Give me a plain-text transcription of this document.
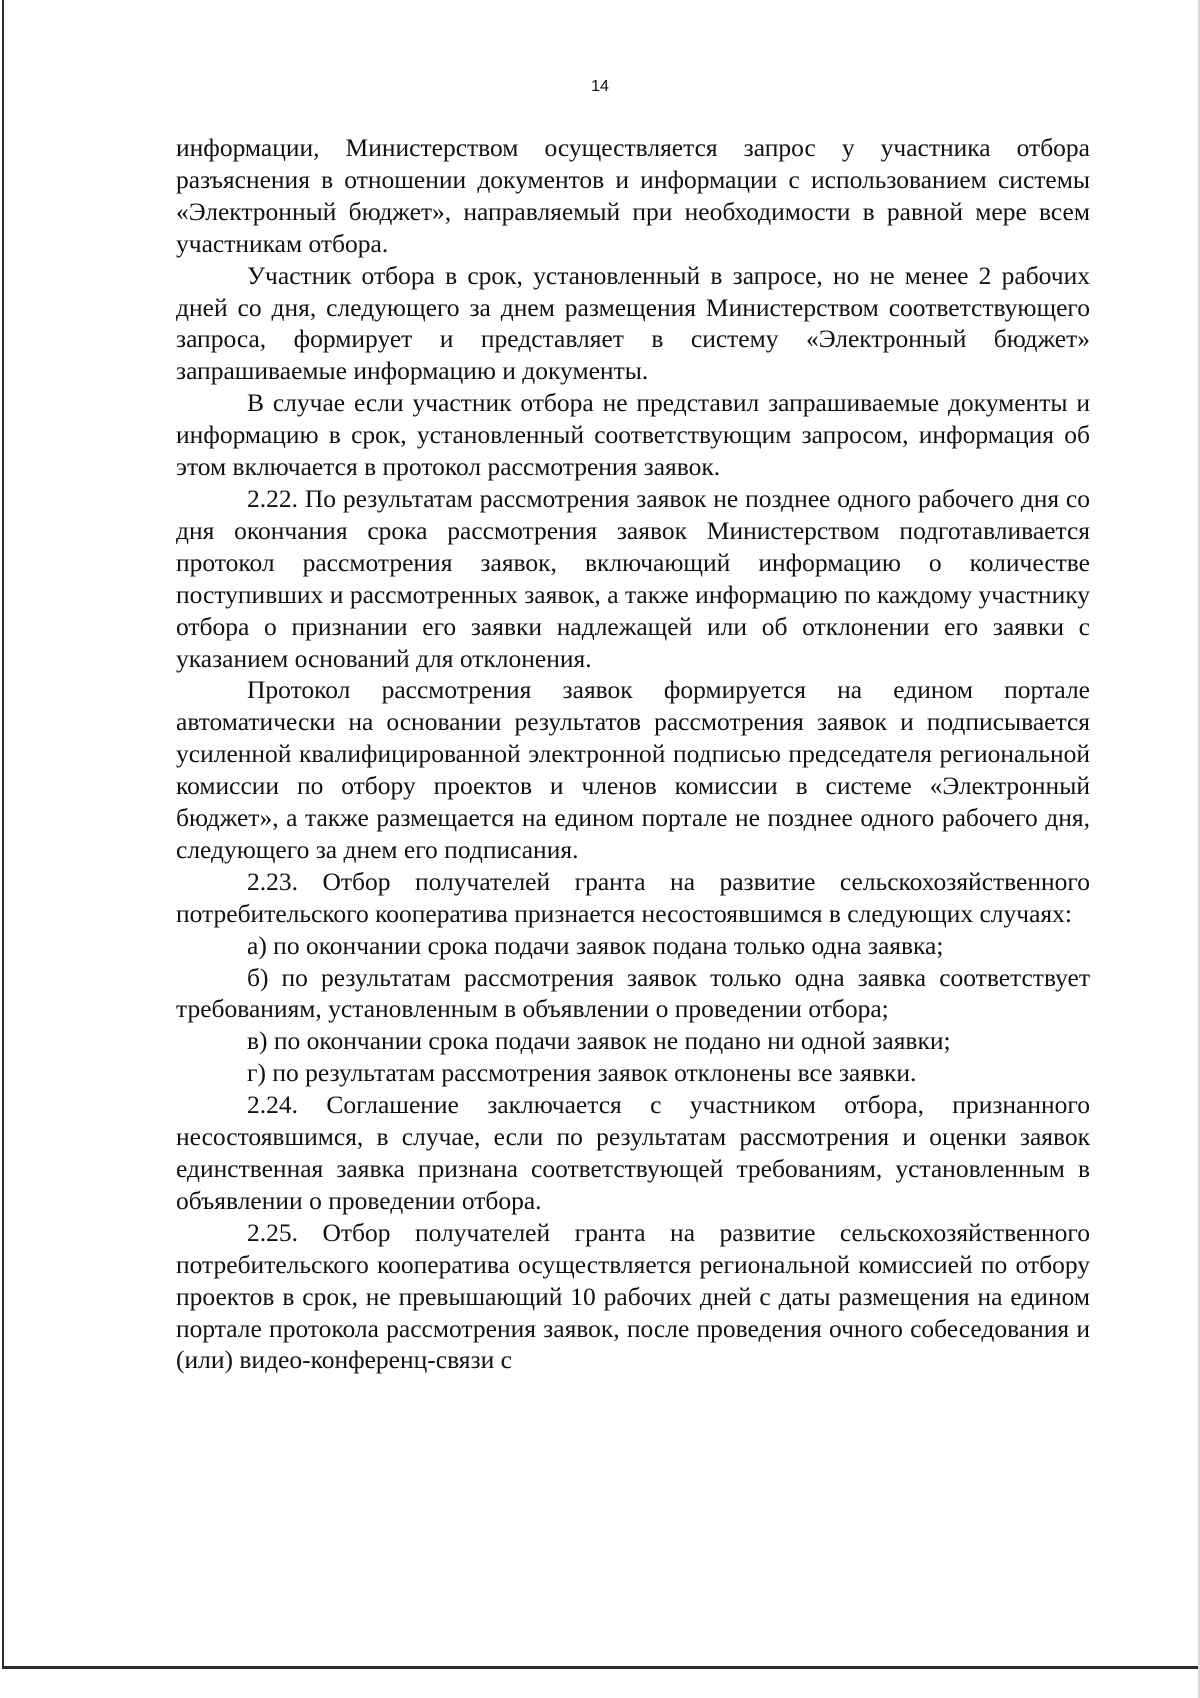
14

информации, Министерством осуществляется запрос у участника отбора разъяснения в отношении документов и информации с использованием системы «Электронный бюджет», направляемый при необходимости в равной мере всем участникам отбора.

Участник отбора в срок, установленный в запросе, но не менее 2 рабочих дней со дня, следующего за днем размещения Министерством соответствующего запроса, формирует и представляет в систему «Электронный бюджет» запрашиваемые информацию и документы.

В случае если участник отбора не представил запрашиваемые документы и информацию в срок, установленный соответствующим запросом, информация об этом включается в протокол рассмотрения заявок.

2.22. По результатам рассмотрения заявок не позднее одного рабочего дня со дня окончания срока рассмотрения заявок Министерством подготавливается протокол рассмотрения заявок, включающий информацию о количестве поступивших и рассмотренных заявок, а также информацию по каждому участнику отбора о признании его заявки надлежащей или об отклонении его заявки с указанием оснований для отклонения.

Протокол рассмотрения заявок формируется на едином портале автоматически на основании результатов рассмотрения заявок и подписывается усиленной квалифицированной электронной подписью председателя региональной комиссии по отбору проектов и членов комиссии в системе «Электронный бюджет», а также размещается на едином портале не позднее одного рабочего дня, следующего за днем его подписания.

2.23. Отбор получателей гранта на развитие сельскохозяйственного потребительского кооператива признается несостоявшимся в следующих случаях:

а) по окончании срока подачи заявок подана только одна заявка;

б) по результатам рассмотрения заявок только одна заявка соответствует требованиям, установленным в объявлении о проведении отбора;

в) по окончании срока подачи заявок не подано ни одной заявки;

г) по результатам рассмотрения заявок отклонены все заявки.

2.24. Соглашение заключается с участником отбора, признанного несостоявшимся, в случае, если по результатам рассмотрения и оценки заявок единственная заявка признана соответствующей требованиям, установленным в объявлении о проведении отбора.

2.25. Отбор получателей гранта на развитие сельскохозяйственного потребительского кооператива осуществляется региональной комиссией по отбору проектов в срок, не превышающий 10 рабочих дней с даты размещения на едином портале протокола рассмотрения заявок, после проведения очного собеседования и (или) видео-конференц-связи с
